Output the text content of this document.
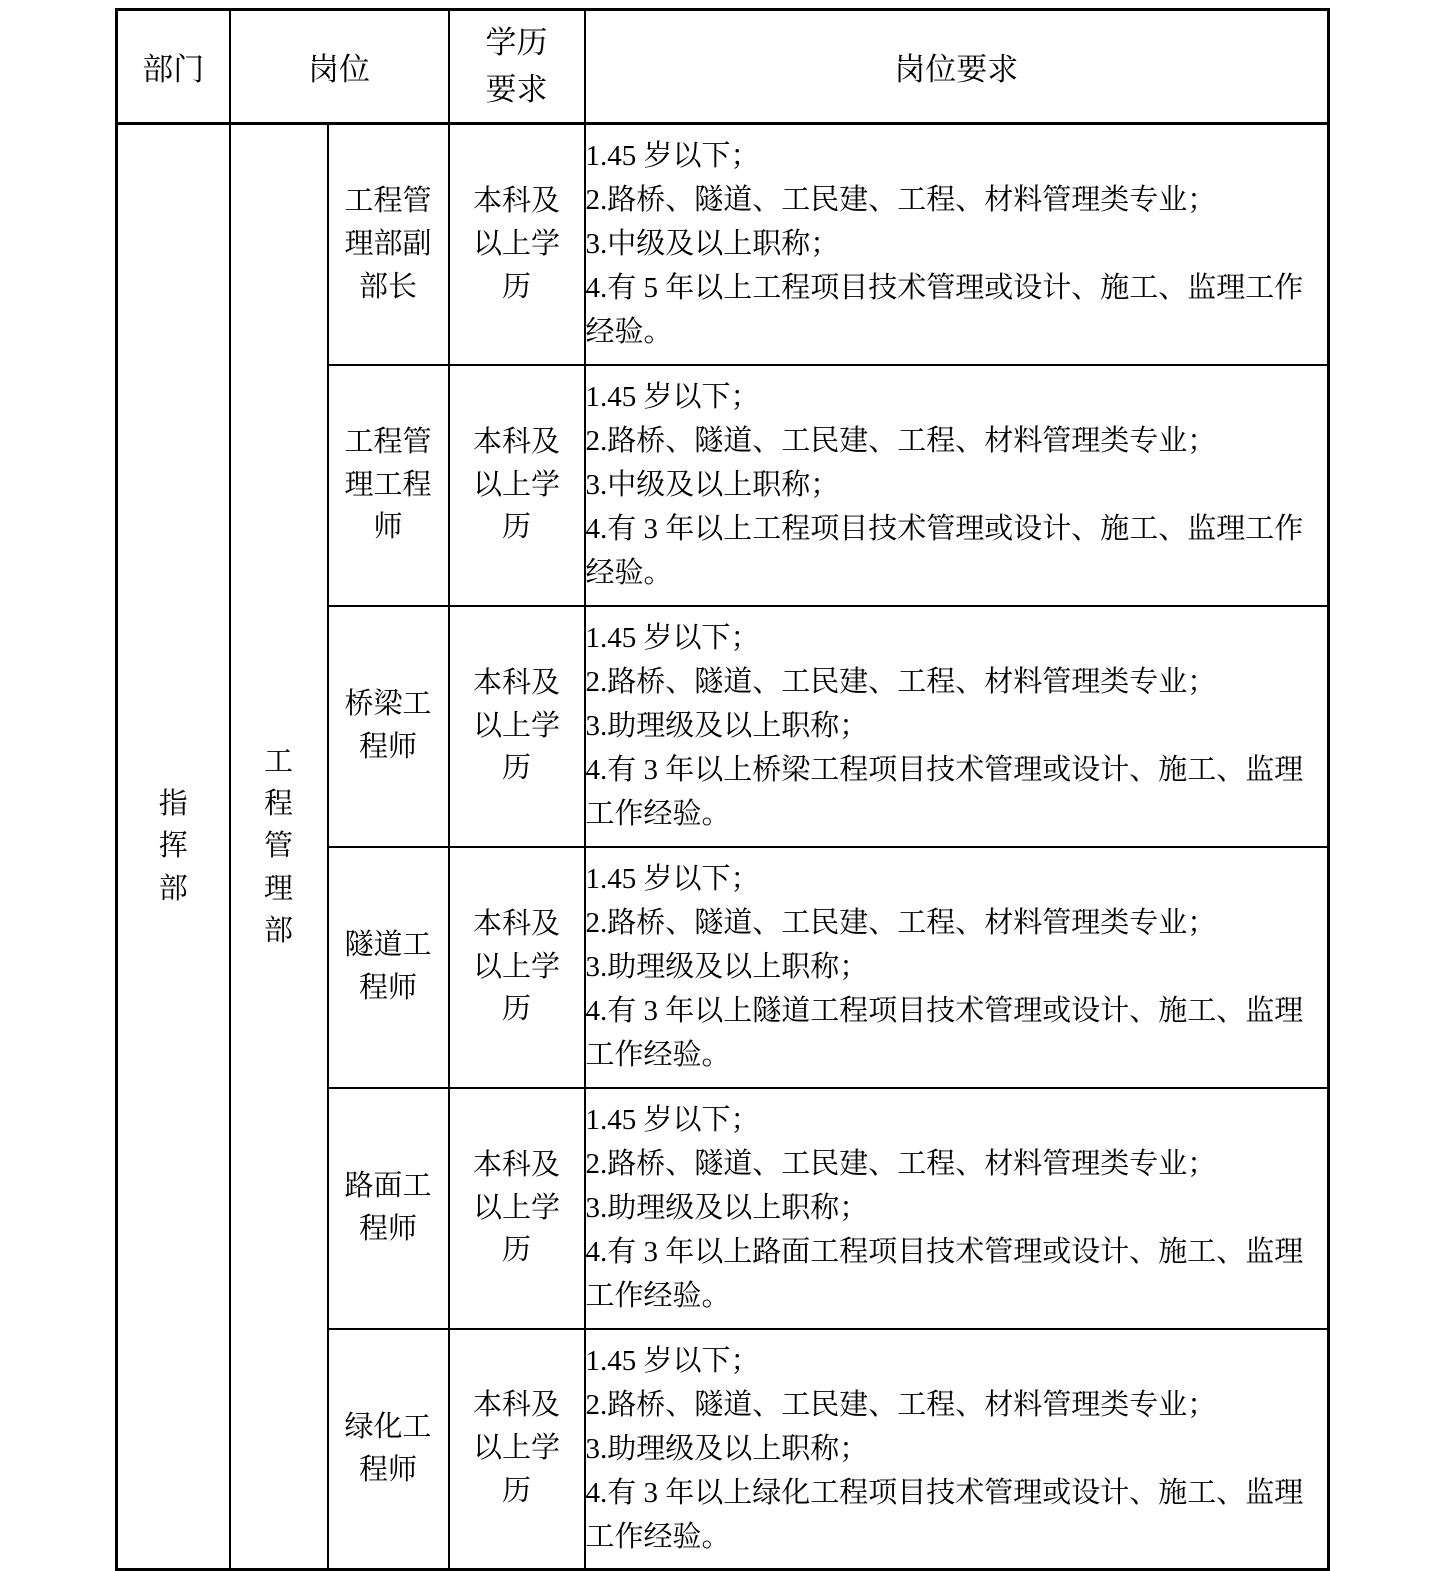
部门	岗位		学历要求	岗位要求

指挥部	工程管理部	工程管理部副部长	本科及以上学历	1.45 岁以下；
2.路桥、隧道、工民建、工程、材料管理类专业；
3.中级及以上职称；
4.有 5 年以上工程项目技术管理或设计、施工、监理工作经验。

		工程管理工程师	本科及以上学历	1.45 岁以下；
2.路桥、隧道、工民建、工程、材料管理类专业；
3.中级及以上职称；
4.有 3 年以上工程项目技术管理或设计、施工、监理工作经验。

		桥梁工程师	本科及以上学历	1.45 岁以下；
2.路桥、隧道、工民建、工程、材料管理类专业；
3.助理级及以上职称；
4.有 3 年以上桥梁工程项目技术管理或设计、施工、监理工作经验。

		隧道工程师	本科及以上学历	1.45 岁以下；
2.路桥、隧道、工民建、工程、材料管理类专业；
3.助理级及以上职称；
4.有 3 年以上隧道工程项目技术管理或设计、施工、监理工作经验。

		路面工程师	本科及以上学历	1.45 岁以下；
2.路桥、隧道、工民建、工程、材料管理类专业；
3.助理级及以上职称；
4.有 3 年以上路面工程项目技术管理或设计、施工、监理工作经验。

		绿化工程师	本科及以上学历	1.45 岁以下；
2.路桥、隧道、工民建、工程、材料管理类专业；
3.助理级及以上职称；
4.有 3 年以上绿化工程项目技术管理或设计、施工、监理工作经验。
